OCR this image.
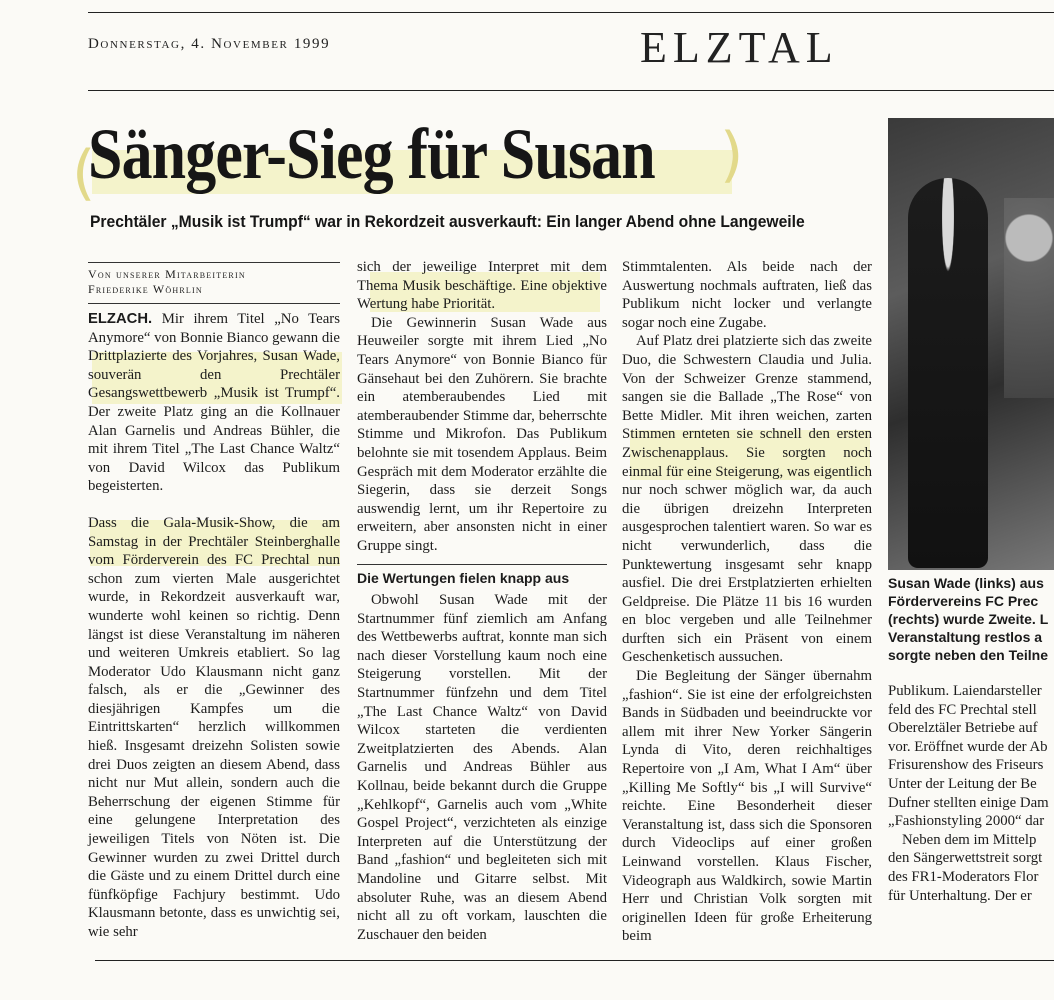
Donnerstag, 4. November 1999	ELZTAL
(	)
Sänger-Sieg für Susan
Prechtäler „Musik ist Trumpf“ war in Rekordzeit ausverkauft: Ein langer Abend ohne Langeweile

Von unserer Mitarbeiterin

Friederike Wöhrlin

ELZACH. Mir ihrem Titel „No Tears Anymore“ von Bonnie Bianco gewann die Drittplazierte des Vorjahres, Susan Wade, souverän den Prechtäler Gesangswettbewerb „Musik ist Trumpf“. Der zweite Platz ging an die Kollnauer Alan Garnelis und Andreas Bühler, die mit ihrem Titel „The Last Chance Waltz“ von David Wilcox das Publikum begeisterten.

Dass die Gala-Musik-Show, die am Samstag in der Prechtäler Steinberghalle vom Förderverein des FC Prechtal nun schon zum vierten Male ausgerichtet wurde, in Rekordzeit ausverkauft war, wunderte wohl keinen so richtig. Denn längst ist diese Veranstaltung im näheren und weiteren Umkreis etabliert. So lag Moderator Udo Klausmann nicht ganz falsch, als er die „Gewinner des diesjährigen Kampfes um die Eintrittskarten“ herzlich willkommen hieß. Insgesamt dreizehn Solisten sowie drei Duos zeigten an diesem Abend, dass nicht nur Mut allein, sondern auch die Beherrschung der eigenen Stimme für eine gelungene Interpretation des jeweiligen Titels von Nöten ist. Die Gewinner wurden zu zwei Drittel durch die Gäste und zu einem Drittel durch eine fünfköpfige Fachjury bestimmt. Udo Klausmann betonte, dass es unwichtig sei, wie sehr

sich der jeweilige Interpret mit dem Thema Musik beschäftige. Eine objektive Wertung habe Priorität.

Die Gewinnerin Susan Wade aus Heuweiler sorgte mit ihrem Lied „No Tears Anymore“ von Bonnie Bianco für Gänsehaut bei den Zuhörern. Sie brachte ein atemberaubendes Lied mit atemberaubender Stimme dar, beherrschte Stimme und Mikrofon. Das Publikum belohnte sie mit tosendem Applaus. Beim Gespräch mit dem Moderator erzählte die Siegerin, dass sie derzeit Songs auswendig lernt, um ihr Repertoire zu erweitern, aber ansonsten nicht in einer Gruppe singt.

Die Wertungen fielen knapp aus

Obwohl Susan Wade mit der Startnummer fünf ziemlich am Anfang des Wettbewerbs auftrat, konnte man sich nach dieser Vorstellung kaum noch eine Steigerung vorstellen. Mit der Startnummer fünfzehn und dem Titel „The Last Chance Waltz“ von David Wilcox starteten die verdienten Zweitplatzierten des Abends. Alan Garnelis und Andreas Bühler aus Kollnau, beide bekannt durch die Gruppe „Kehlkopf“, Garnelis auch vom „White Gospel Project“, verzichteten als einzige Interpreten auf die Unterstützung der Band „fashion“ und begleiteten sich mit Mandoline und Gitarre selbst. Mit absoluter Ruhe, was an diesem Abend nicht all zu oft vorkam, lauschten die Zuschauer den beiden

Stimmtalenten. Als beide nach der Auswertung nochmals auftraten, ließ das Publikum nicht locker und verlangte sogar noch eine Zugabe.

Auf Platz drei platzierte sich das zweite Duo, die Schwestern Claudia und Julia. Von der Schweizer Grenze stammend, sangen sie die Ballade „The Rose“ von Bette Midler. Mit ihren weichen, zarten Stimmen ernteten sie schnell den ersten Zwischenapplaus. Sie sorgten noch einmal für eine Steigerung, was eigentlich nur noch schwer möglich war, da auch die übrigen dreizehn Interpreten ausgesprochen talentiert waren. So war es nicht verwunderlich, dass die Punktewertung insgesamt sehr knapp ausfiel. Die drei Erstplatzierten erhielten Geldpreise. Die Plätze 11 bis 16 wurden en bloc vergeben und alle Teilnehmer durften sich ein Präsent von einem Geschenketisch aussuchen.

Die Begleitung der Sänger übernahm „fashion“. Sie ist eine der erfolgreichsten Bands in Südbaden und beeindruckte vor allem mit ihrer New Yorker Sängerin Lynda di Vito, deren reichhaltiges Repertoire von „I Am, What I Am“ über „Killing Me Softly“ bis „I will Survive“ reichte. Eine Besonderheit dieser Veranstaltung ist, dass sich die Sponsoren durch Videoclips auf einer großen Leinwand vorstellen. Klaus Fischer, Videograph aus Waldkirch, sowie Martin Herr und Christian Volk sorgten mit originellen Ideen für große Erheiterung beim

Susan Wade (links) aus
Fördervereins FC Prec
(rechts) wurde Zweite. L
Veranstaltung restlos a
sorgte neben den Teilne

Publikum. Laiendarsteller

feld des FC Prechtal stell

Oberelztäler Betriebe auf

vor. Eröffnet wurde der Ab

Frisurenshow des Friseurs

Unter der Leitung der Be

Dufner stellten einige Dam

„Fashionstyling 2000“ dar

Neben dem im Mittelp

den Sängerwettstreit sorgt

des FR1-Moderators Flor

für Unterhaltung. Der er
